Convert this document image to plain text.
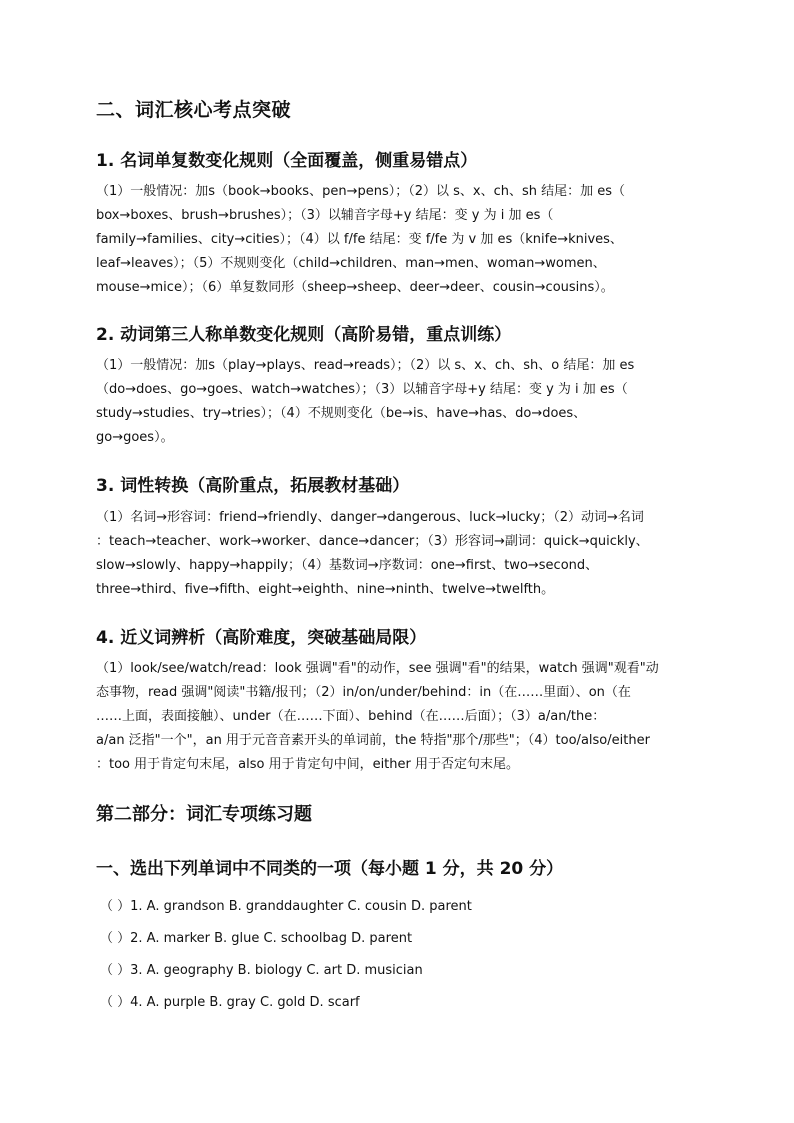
二、词汇核心考点突破
1. 名词单复数变化规则（全面覆盖，侧重易错点）

（1）一般情况：加s（book→books、pen→pens）；（2）以 s、x、ch、sh 结尾：加 es（

box→boxes、brush→brushes）；（3）以辅音字母+y 结尾：变 y 为 i 加 es（

family→families、city→cities）；（4）以 f/fe 结尾：变 f/fe 为 v 加 es（knife→knives、

leaf→leaves）；（5）不规则变化（child→children、man→men、woman→women、

mouse→mice）；（6）单复数同形（sheep→sheep、deer→deer、cousin→cousins）。

2. 动词第三人称单数变化规则（高阶易错，重点训练）

（1）一般情况：加s（play→plays、read→reads）；（2）以 s、x、ch、sh、o 结尾：加 es

（do→does、go→goes、watch→watches）；（3）以辅音字母+y 结尾：变 y 为 i 加 es（

study→studies、try→tries）；（4）不规则变化（be→is、have→has、do→does、

go→goes）。

3. 词性转换（高阶重点，拓展教材基础）

（1）名词→形容词：friend→friendly、danger→dangerous、luck→lucky；（2）动词→名词

：teach→teacher、work→worker、dance→dancer；（3）形容词→副词：quick→quickly、

slow→slowly、happy→happily；（4）基数词→序数词：one→first、two→second、

three→third、five→fifth、eight→eighth、nine→ninth、twelve→twelfth。

4. 近义词辨析（高阶难度，突破基础局限）

（1）look/see/watch/read：look 强调"看"的动作，see 强调"看"的结果，watch 强调"观看"动

态事物，read 强调"阅读"书籍/报刊；（2）in/on/under/behind：in（在……里面）、on（在

……上面，表面接触）、under（在……下面）、behind（在……后面）；（3）a/an/the：

a/an 泛指"一个"，an 用于元音音素开头的单词前，the 特指"那个/那些"；（4）too/also/either

：too 用于肯定句末尾，also 用于肯定句中间，either 用于否定句末尾。

第二部分：词汇专项练习题
一、选出下列单词中不同类的一项（每小题 1 分，共 20 分）

（ ）1. A. grandson B. granddaughter C. cousin D. parent

（ ）2. A. marker B. glue C. schoolbag D. parent

（ ）3. A. geography B. biology C. art D. musician

（ ）4. A. purple B. gray C. gold D. scarf
